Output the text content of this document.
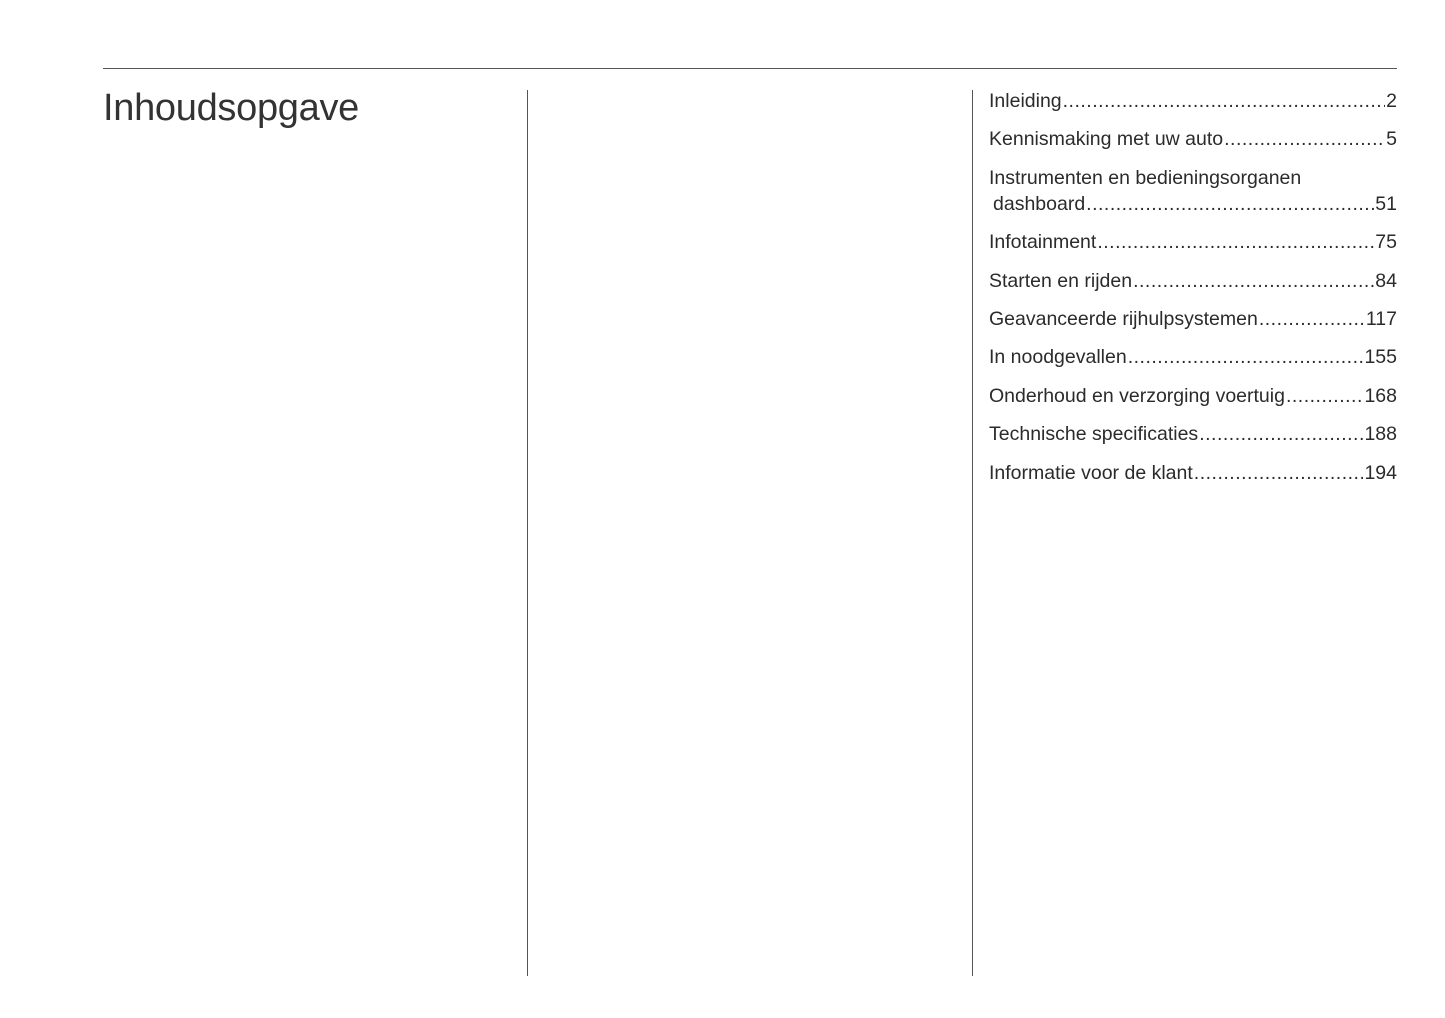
Inhoudsopgave	Inleiding .....	2
Kennismaking met uw auto .....	5
Instrumenten en bedieningsorganen
dashboard .....	51
Infotainment .....	75
Starten en rijden .....	84
Geavanceerde rijhulpsystemen .....	117
In noodgevallen .....	155
Onderhoud en verzorging voertuig .....	168
Technische specificaties .....	188
Informatie voor de klant .....	194
